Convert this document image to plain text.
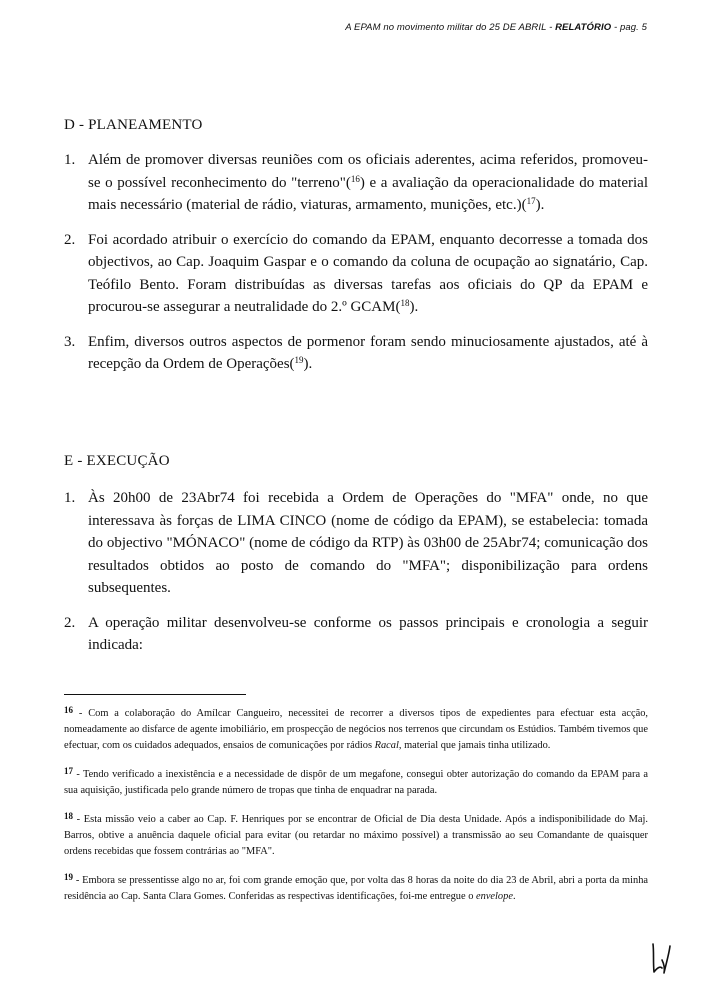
A EPAM no movimento militar do 25 DE ABRIL - RELATÓRIO - pag. 5
D - PLANEAMENTO
1. Além de promover diversas reuniões com os oficiais aderentes, acima referidos, promoveu-se o possível reconhecimento do "terreno"($^{16}$) e a avaliação da operacionalidade do material mais necessário (material de rádio, viaturas, armamento, munições, etc.)($^{17}$).
2. Foi acordado atribuir o exercício do comando da EPAM, enquanto decorresse a tomada dos objectivos, ao Cap. Joaquim Gaspar e o comando da coluna de ocupação ao signatário, Cap. Teófilo Bento. Foram distribuídas as diversas tarefas aos oficiais do QP da EPAM e procurou-se assegurar a neutralidade do 2.º GCAM($^{18}$).
3. Enfim, diversos outros aspectos de pormenor foram sendo minuciosamente ajustados, até à recepção da Ordem de Operações($^{19}$).
E - EXECUÇÃO
1. Às 20h00 de 23Abr74 foi recebida a Ordem de Operações do "MFA" onde, no que interessava às forças de LIMA CINCO (nome de código da EPAM), se estabelecia: tomada do objectivo "MÓNACO" (nome de código da RTP) às 03h00 de 25Abr74; comunicação dos resultados obtidos ao posto de comando do "MFA"; disponibilização para ordens subsequentes.
2. A operação militar desenvolveu-se conforme os passos principais e cronologia a seguir indicada:
16 - Com a colaboração do Amílcar Cangueiro, necessitei de recorrer a diversos tipos de expedientes para efectuar esta acção, nomeadamente ao disfarce de agente imobiliário, em prospecção de negócios nos terrenos que circundam os Estúdios. Também tivemos que efectuar, com os cuidados adequados, ensaios de comunicações por rádios Racal, material que jamais tinha utilizado.
17 - Tendo verificado a inexistência e a necessidade de dispôr de um megafone, consegui obter autorização do comando da EPAM para a sua aquisição, justificada pelo grande número de tropas que tinha de enquadrar na parada.
18 - Esta missão veio a caber ao Cap. F. Henriques por se encontrar de Oficial de Dia desta Unidade. Após a indisponibilidade do Maj. Barros, obtive a anuência daquele oficial para evitar (ou retardar no máximo possível) a transmissão ao seu Comandante de quaisquer ordens recebidas que fossem contrárias ao "MFA".
19 - Embora se pressentisse algo no ar, foi com grande emoção que, por volta das 8 horas da noite do dia 23 de Abril, abri a porta da minha residência ao Cap. Santa Clara Gomes. Conferidas as respectivas identificações, foi-me entregue o envelope.
